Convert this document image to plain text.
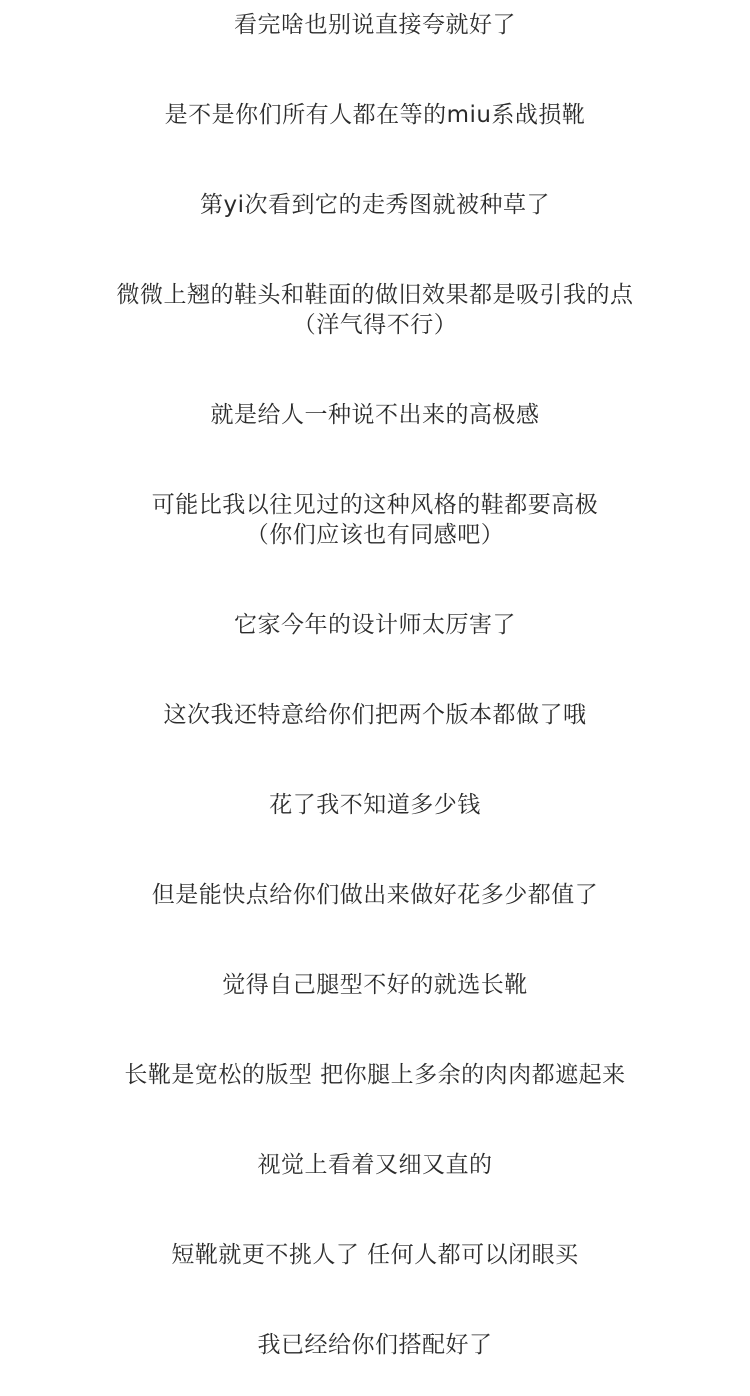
看完啥也别说直接夸就好了
是不是你们所有人都在等的miu系战损靴
第yi次看到它的走秀图就被种草了
微微上翘的鞋头和鞋面的做旧效果都是吸引我的点
（洋气得不行）
就是给人一种说不出来的高极感
可能比我以往见过的这种风格的鞋都要高极
（你们应该也有同感吧）
它家今年的设计师太厉害了
这次我还特意给你们把两个版本都做了哦
花了我不知道多少钱
但是能快点给你们做出来做好花多少都值了
觉得自己腿型不好的就选长靴
长靴是宽松的版型 把你腿上多余的肉肉都遮起来
视觉上看着又细又直的
短靴就更不挑人了 任何人都可以闭眼买
我已经给你们搭配好了
